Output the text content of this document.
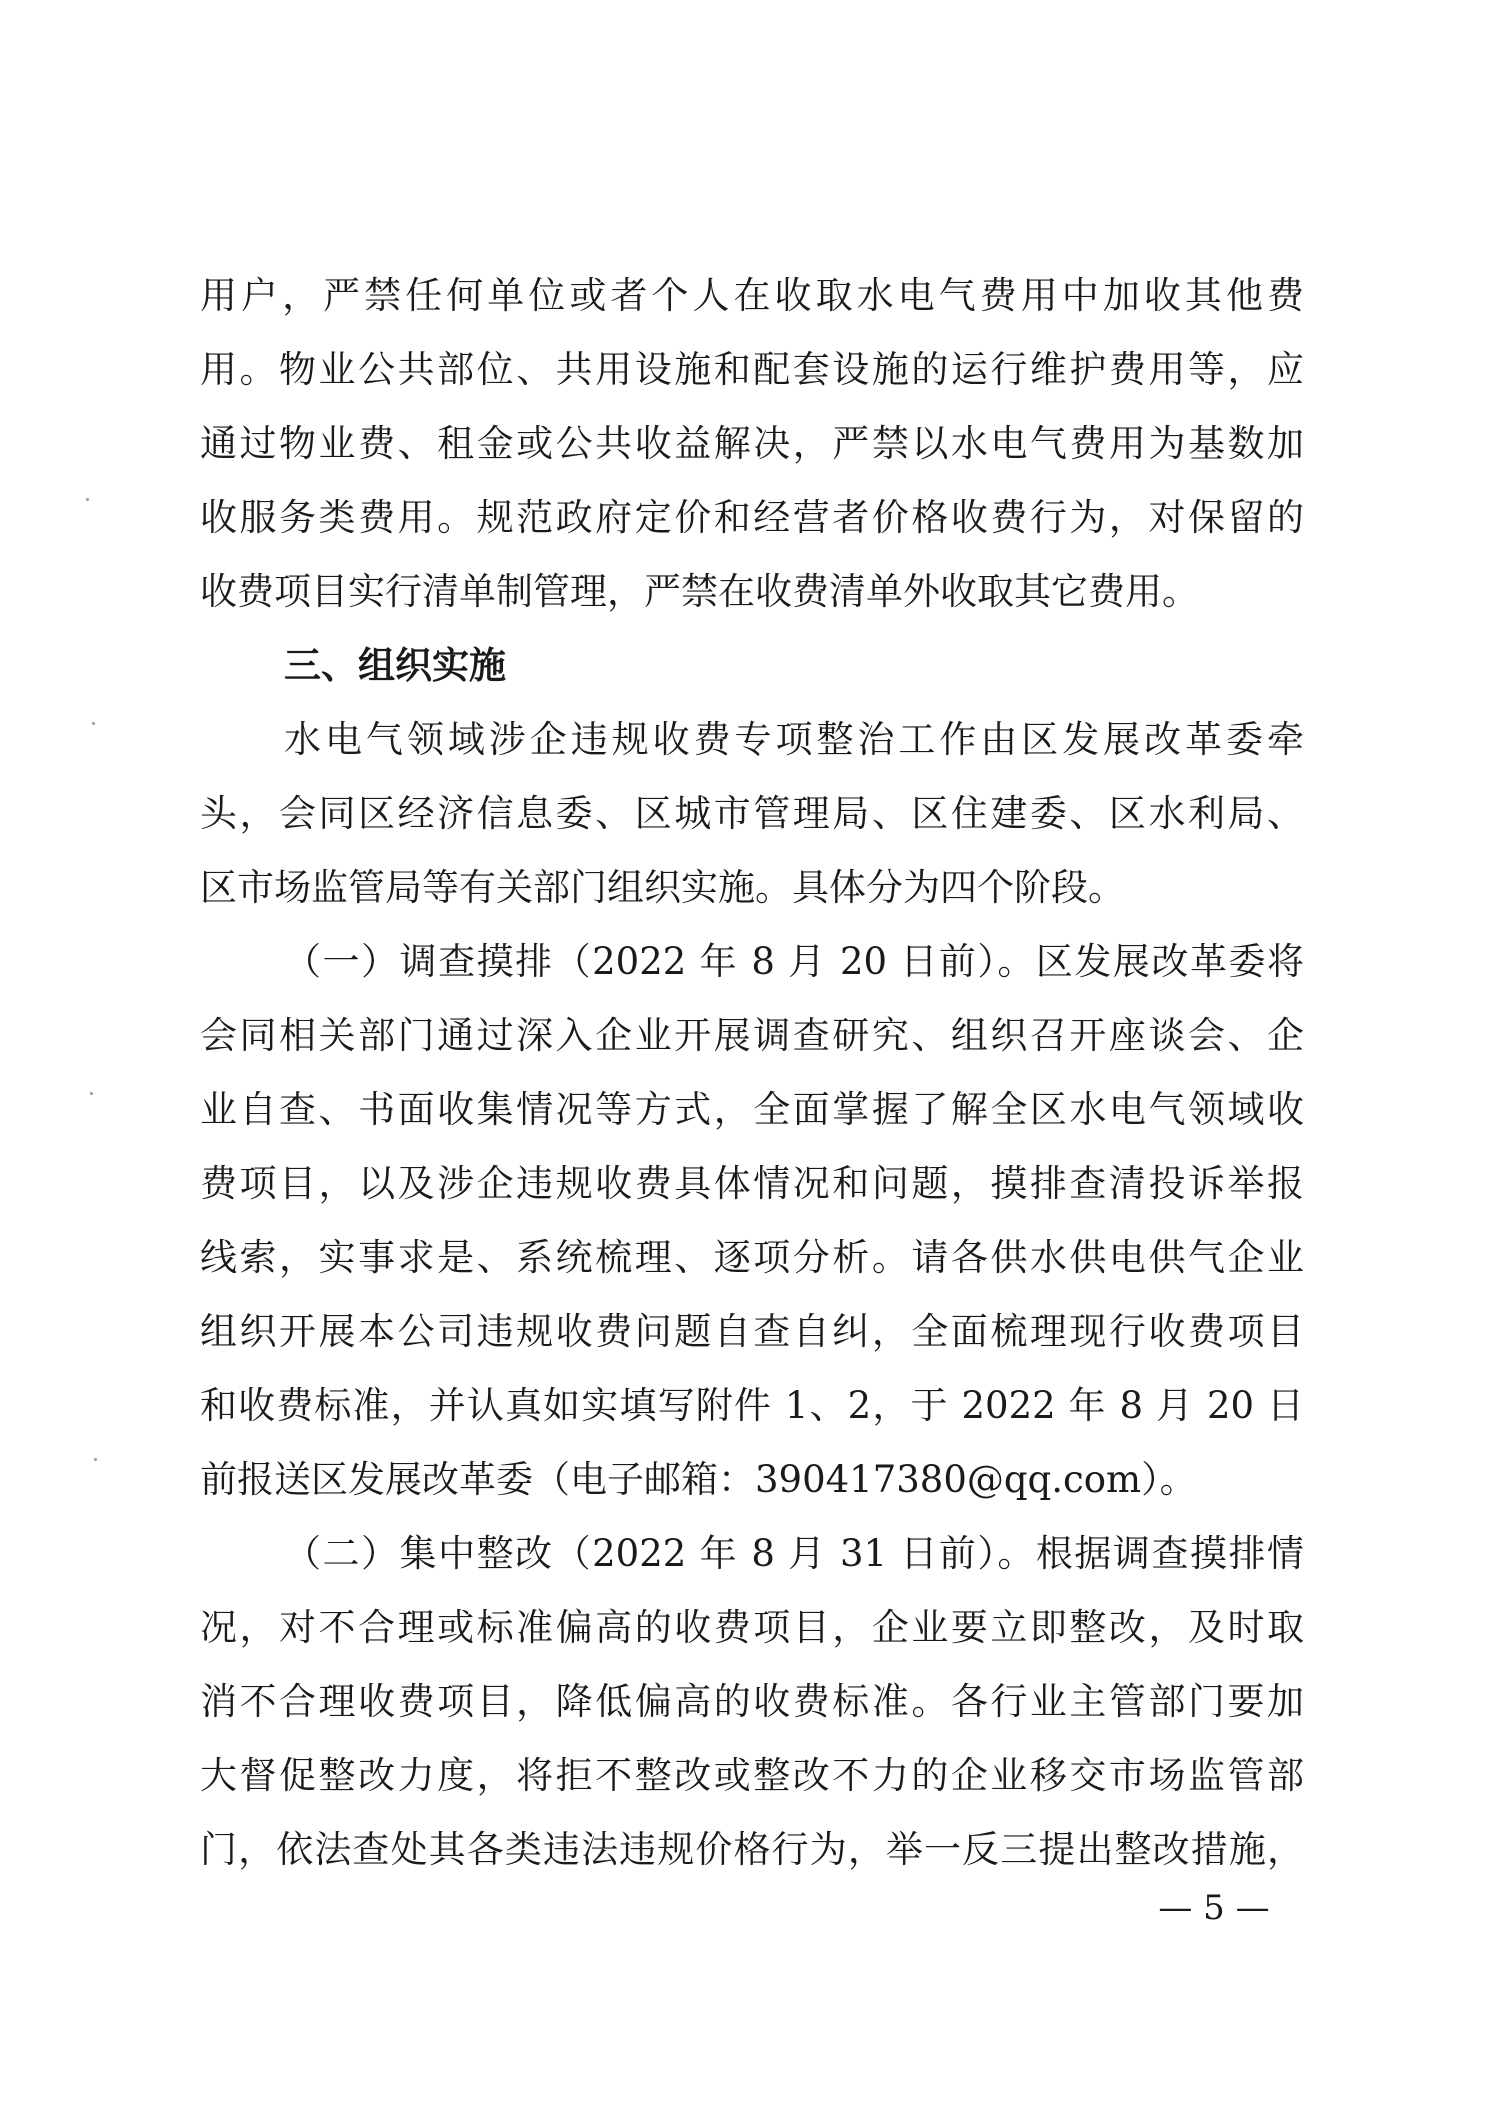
用户，严禁任何单位或者个人在收取水电气费用中加收其他费
用。物业公共部位、共用设施和配套设施的运行维护费用等，应
通过物业费、租金或公共收益解决，严禁以水电气费用为基数加
收服务类费用。规范政府定价和经营者价格收费行为，对保留的
收费项目实行清单制管理，严禁在收费清单外收取其它费用。
三、组织实施
水电气领域涉企违规收费专项整治工作由区发展改革委牵
头，会同区经济信息委、区城市管理局、区住建委、区水利局、
区市场监管局等有关部门组织实施。具体分为四个阶段。
（一）调查摸排（2022 年 8 月 20 日前）。区发展改革委将
会同相关部门通过深入企业开展调查研究、组织召开座谈会、企
业自查、书面收集情况等方式，全面掌握了解全区水电气领域收
费项目，以及涉企违规收费具体情况和问题，摸排查清投诉举报
线索，实事求是、系统梳理、逐项分析。请各供水供电供气企业
组织开展本公司违规收费问题自查自纠，全面梳理现行收费项目
和收费标准，并认真如实填写附件 1、2，于 2022 年 8 月 20 日
前报送区发展改革委（电子邮箱：390417380@qq.com）。
（二）集中整改（2022 年 8 月 31 日前）。根据调查摸排情
况，对不合理或标准偏高的收费项目，企业要立即整改，及时取
消不合理收费项目，降低偏高的收费标准。各行业主管部门要加
大督促整改力度，将拒不整改或整改不力的企业移交市场监管部
门，依法查处其各类违法违规价格行为，举一反三提出整改措施，
— 5 —
